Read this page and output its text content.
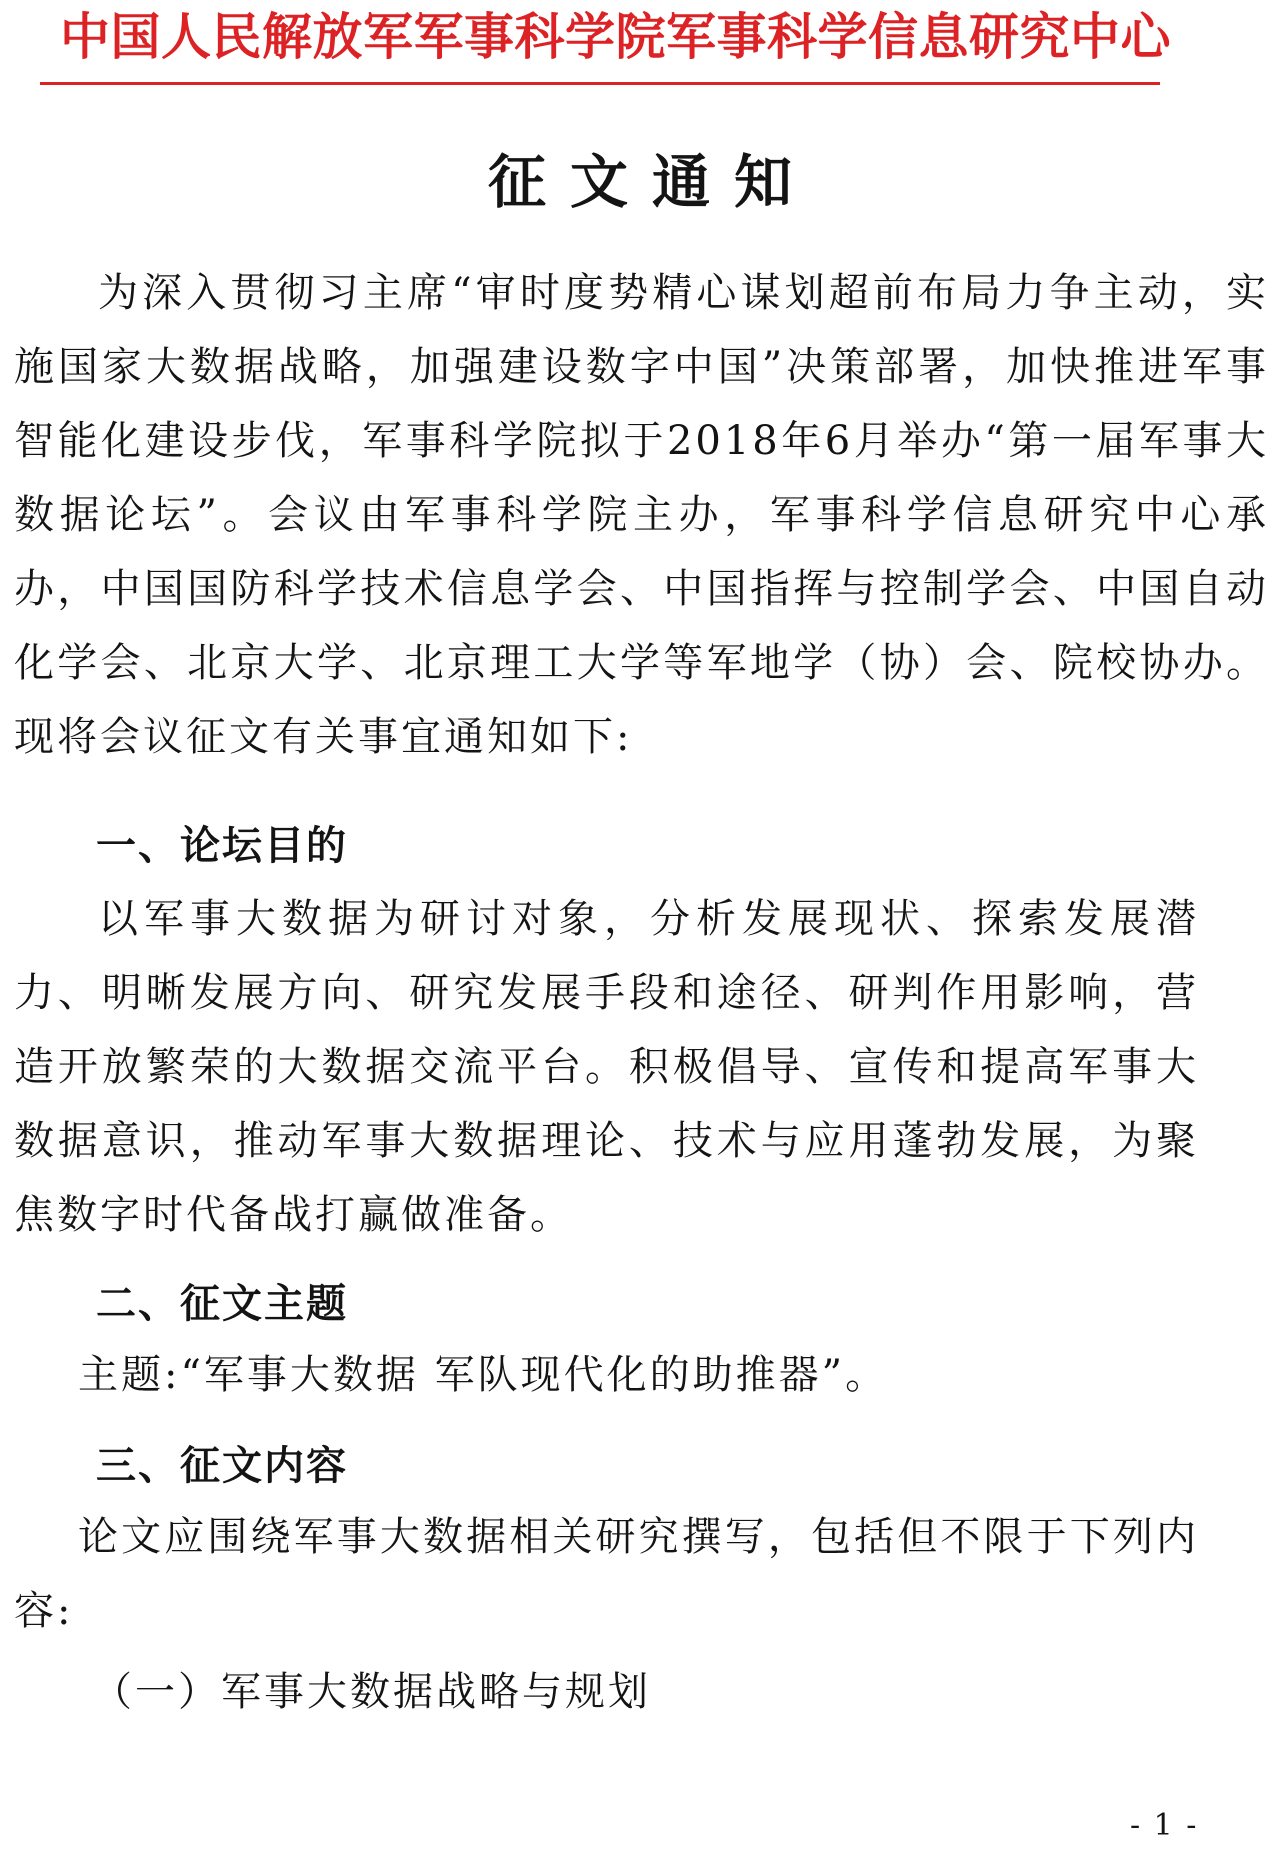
中国人民解放军军事科学院军事科学信息研究中心
征文通知

为深入贯彻习主席“审时度势精心谋划超前布局力争主动，实施国家大数据战略，加强建设数字中国”决策部署，加快推进军事智能化建设步伐，军事科学院拟于2018年6月举办“第一届军事大数据论坛”。会议由军事科学院主办，军事科学信息研究中心承办，中国国防科学技术信息学会、中国指挥与控制学会、中国自动化学会、北京大学、北京理工大学等军地学（协）会、院校协办。现将会议征文有关事宜通知如下:

一、论坛目的

以军事大数据为研讨对象，分析发展现状、探索发展潜力、明晰发展方向、研究发展手段和途径、研判作用影响，营造开放繁荣的大数据交流平台。积极倡导、宣传和提高军事大数据意识，推动军事大数据理论、技术与应用蓬勃发展，为聚焦数字时代备战打赢做准备。

二、征文主题

主题:“军事大数据 军队现代化的助推器”。

三、征文内容

论文应围绕军事大数据相关研究撰写，包括但不限于下列内容:

（一）军事大数据战略与规划

- 1 -
